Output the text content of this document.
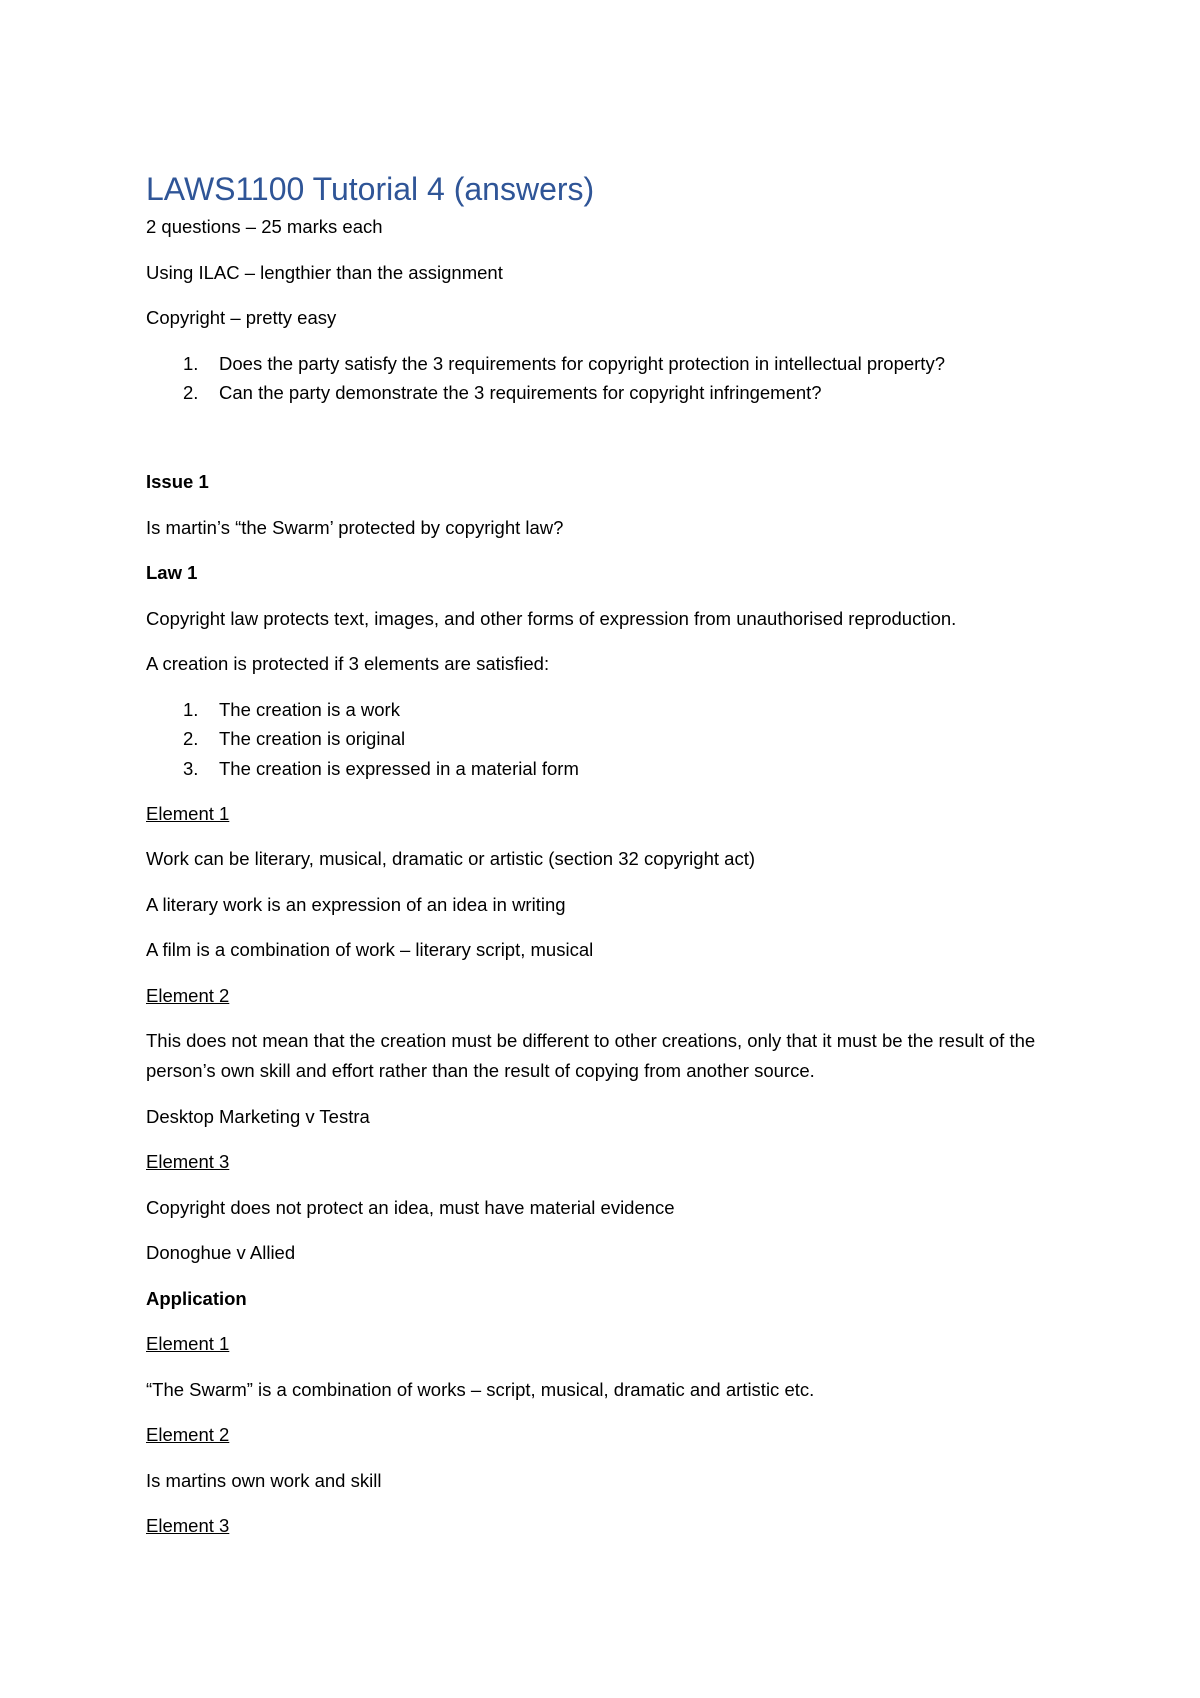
LAWS1100 Tutorial 4 (answers)

2 questions – 25 marks each

Using ILAC – lengthier than the assignment

Copyright – pretty easy

1. Does the party satisfy the 3 requirements for copyright protection in intellectual property?
2. Can the party demonstrate the 3 requirements for copyright infringement?

Issue 1

Is martin’s “the Swarm’ protected by copyright law?

Law 1

Copyright law protects text, images, and other forms of expression from unauthorised reproduction.

A creation is protected if 3 elements are satisfied:

1. The creation is a work
2. The creation is original
3. The creation is expressed in a material form

Element 1

Work can be literary, musical, dramatic or artistic (section 32 copyright act)

A literary work is an expression of an idea in writing

A film is a combination of work – literary script, musical

Element 2

This does not mean that the creation must be different to other creations, only that it must be the result of the person’s own skill and effort rather than the result of copying from another source.

Desktop Marketing v Testra

Element 3

Copyright does not protect an idea, must have material evidence

Donoghue v Allied

Application

Element 1

“The Swarm” is a combination of works – script, musical, dramatic and artistic etc.

Element 2

Is martins own work and skill

Element 3
